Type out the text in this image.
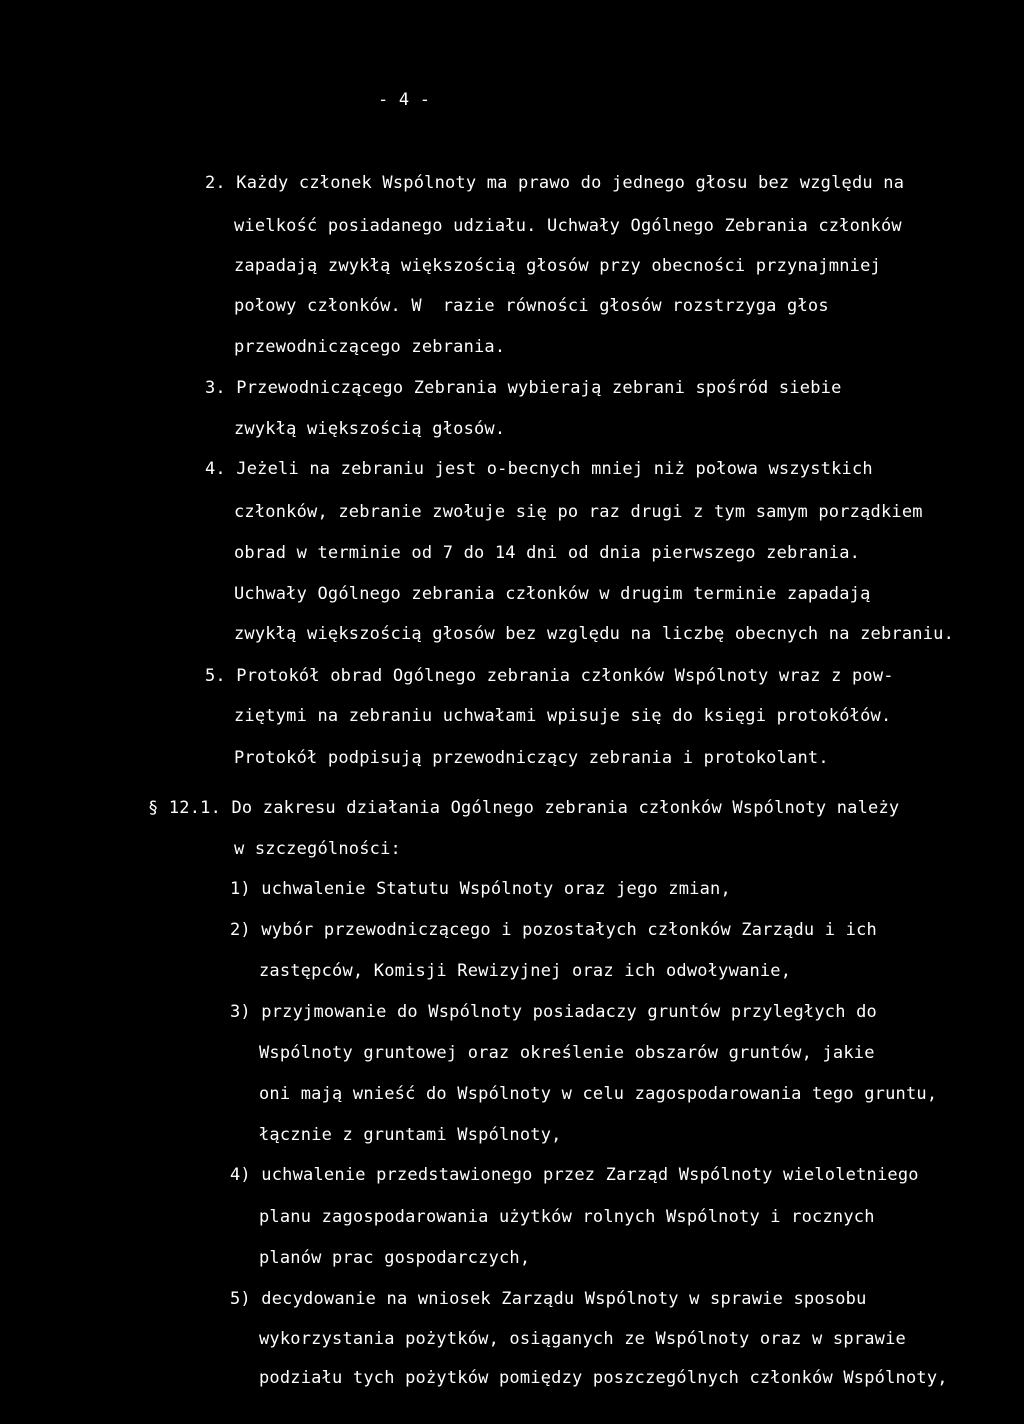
- 4 -
2. Każdy członek Wspólnoty ma prawo do jednego głosu bez względu na
wielkość posiadanego udziału. Uchwały Ogólnego Zebrania członków
zapadają zwykłą większością głosów przy obecności przynajmniej
połowy członków. W  razie równości głosów rozstrzyga głos
przewodniczącego zebrania.
3. Przewodniczącego Zebrania wybierają zebrani spośród siebie
zwykłą większością głosów.
4. Jeżeli na zebraniu jest o-becnych mniej niż połowa wszystkich
członków, zebranie zwołuje się po raz drugi z tym samym porządkiem
obrad w terminie od 7 do 14 dni od dnia pierwszego zebrania.
Uchwały Ogólnego zebrania członków w drugim terminie zapadają
zwykłą większością głosów bez względu na liczbę obecnych na zebraniu.
5. Protokół obrad Ogólnego zebrania członków Wspólnoty wraz z pow-
ziętymi na zebraniu uchwałami wpisuje się do księgi protokółów.
Protokół podpisują przewodniczący zebrania i protokolant.
§ 12.1. Do zakresu działania Ogólnego zebrania członków Wspólnoty należy
w szczególności:
1) uchwalenie Statutu Wspólnoty oraz jego zmian,
2) wybór przewodniczącego i pozostałych członków Zarządu i ich
zastępców, Komisji Rewizyjnej oraz ich odwoływanie,
3) przyjmowanie do Wspólnoty posiadaczy gruntów przyległych do
Wspólnoty gruntowej oraz określenie obszarów gruntów, jakie
oni mają wnieść do Wspólnoty w celu zagospodarowania tego gruntu,
łącznie z gruntami Wspólnoty,
4) uchwalenie przedstawionego przez Zarząd Wspólnoty wieloletniego
planu zagospodarowania użytków rolnych Wspólnoty i rocznych
planów prac gospodarczych,
5) decydowanie na wniosek Zarządu Wspólnoty w sprawie sposobu
wykorzystania pożytków, osiąganych ze Wspólnoty oraz w sprawie
podziału tych pożytków pomiędzy poszczególnych członków Wspólnoty,
